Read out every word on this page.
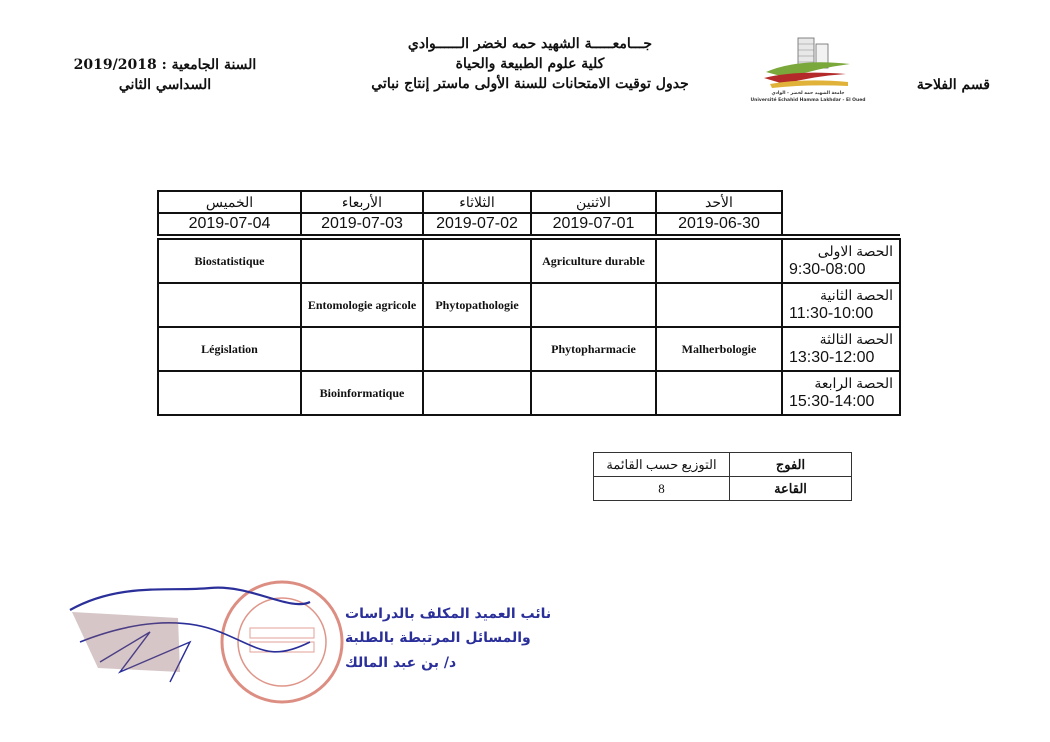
جـــامعـــــة الشهيد حمه لخضر الــــــوادي
كلية علوم الطبيعة والحياة
جدول توقيت الامتحانات للسنة الأولى ماستر إنتاج نباتي
السنة الجامعية : 2019/2018
السداسي الثاني	قسم الفلاحة
جامعة الشهيد حمه لخضر - الوادي
Université Echahid Hamma Lakhdar - El Oued
الخميس	الأربعاء	الثلاثاء	الاثنين	الأحد	
2019-07-04	2019-07-03	2019-07-02	2019-07-01	2019-06-30	

Biostatistique			Agriculture durable		الحصة الاولى
9:30-08:00

	Entomologie agricole	Phytopathologie			الحصة الثانية
11:30-10:00

Législation			Phytopharmacie	Malherbologie	الحصة الثالثة
13:30-12:00

	Bioinformatique				الحصة الرابعة
15:30-14:00
التوزيع حسب القائمة	الفوج
8	القاعة
نائب العميد المكلف بالدراسات
والمسائل المرتبطة بالطلبة
د/ بن عبد المالك
